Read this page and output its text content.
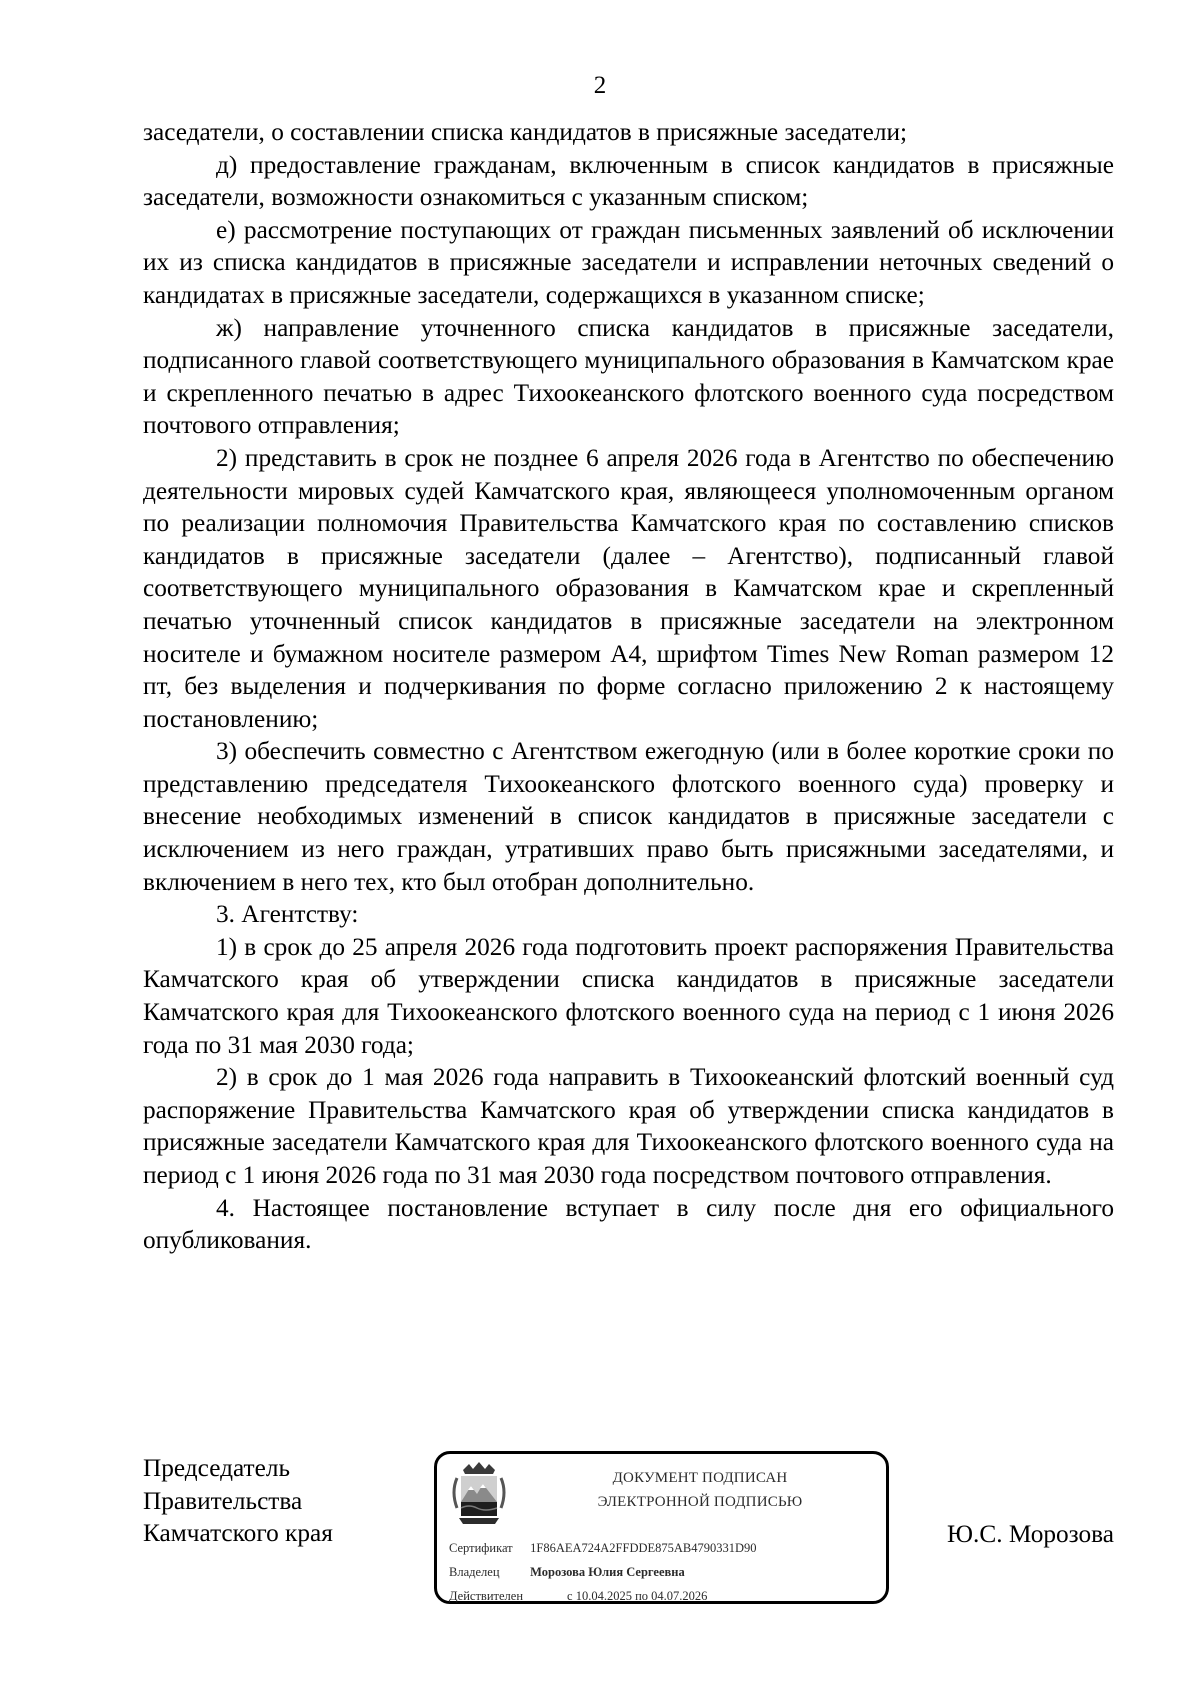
2

заседатели, о составлении списка кандидатов в присяжные заседатели;

д) предоставление гражданам, включенным в список кандидатов в присяжные заседатели, возможности ознакомиться с указанным списком;

е) рассмотрение поступающих от граждан письменных заявлений об исключении их из списка кандидатов в присяжные заседатели и исправлении неточных сведений о кандидатах в присяжные заседатели, содержащихся в указанном списке;

ж) направление уточненного списка кандидатов в присяжные заседатели, подписанного главой соответствующего муниципального образования в Камчатском крае и скрепленного печатью в адрес Тихоокеанского флотского военного суда посредством почтового отправления;

2) представить в срок не позднее 6 апреля 2026 года в Агентство по обеспечению деятельности мировых судей Камчатского края, являющееся уполномоченным органом по реализации полномочия Правительства Камчатского края по составлению списков кандидатов в присяжные заседатели (далее – Агентство), подписанный главой соответствующего муниципального образования в Камчатском крае и скрепленный печатью уточненный список кандидатов в присяжные заседатели на электронном носителе и бумажном носителе размером А4, шрифтом Times New Roman размером 12 пт, без выделения и подчеркивания по форме согласно приложению 2 к настоящему постановлению;

3) обеспечить совместно с Агентством ежегодную (или в более короткие сроки по представлению председателя Тихоокеанского флотского военного суда) проверку и внесение необходимых изменений в список кандидатов в присяжные заседатели с исключением из него граждан, утративших право быть присяжными заседателями, и включением в него тех, кто был отобран дополнительно.

3. Агентству:

1) в срок до 25 апреля 2026 года подготовить проект распоряжения Правительства Камчатского края об утверждении списка кандидатов в присяжные заседатели Камчатского края для Тихоокеанского флотского военного суда на период с 1 июня 2026 года по 31 мая 2030 года;

2) в срок до 1 мая 2026 года направить в Тихоокеанский флотский военный суд распоряжение Правительства Камчатского края об утверждении списка кандидатов в присяжные заседатели Камчатского края для Тихоокеанского флотского военного суда на период с 1 июня 2026 года по 31 мая 2030 года посредством почтового отправления.

4. Настоящее постановление вступает в силу после дня его официального опубликования.

Председатель
Правительства
Камчатского края
ДОКУМЕНТ ПОДПИСАН
ЭЛЕКТРОННОЙ ПОДПИСЬЮ
Сертификат 1F86AEA724A2FFDDE875AB4790331D90
Владелец Морозова Юлия Сергеевна
Действителен	с 10.04.2025 по 04.07.2026
Ю.С. Морозова
